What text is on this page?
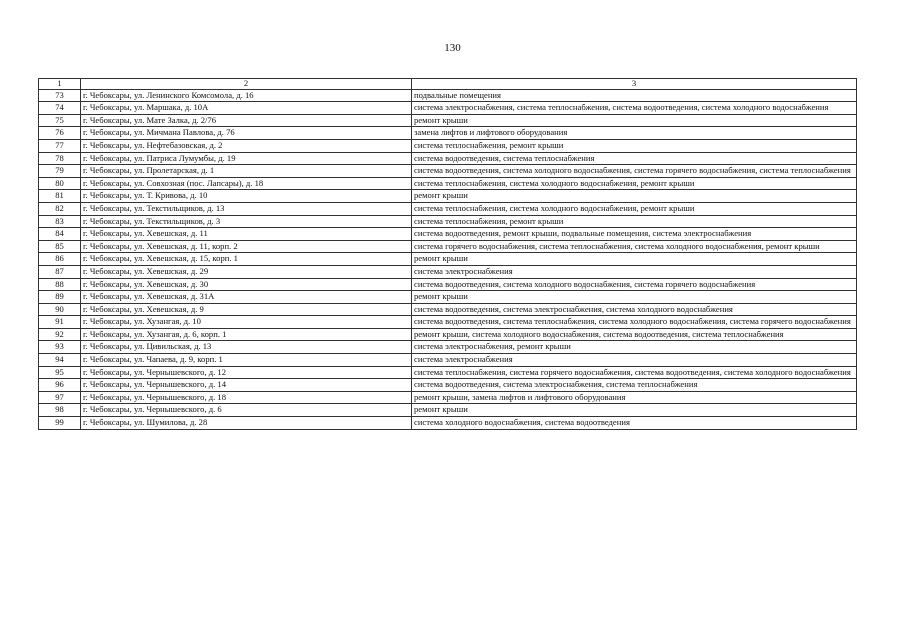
130
1	2	3
73	г. Чебоксары, ул. Ленинского Комсомола, д. 16	подвальные помещения
74	г. Чебоксары, ул. Маршака, д. 10А	система электроснабжения, система теплоснабжения, система водоотведения, система холодного водоснабжения
75	г. Чебоксары, ул. Мате Залка, д. 2/76	ремонт крыши
76	г. Чебоксары, ул. Мичмана Павлова, д. 76	замена лифтов и лифтового оборудования
77	г. Чебоксары, ул. Нефтебазовская, д. 2	система теплоснабжения, ремонт крыши
78	г. Чебоксары, ул. Патриса Лумумбы, д. 19	система водоотведения, система теплоснабжения
79	г. Чебоксары, ул. Пролетарская, д. 1	система водоотведения, система холодного водоснабжения, система горячего водоснабжения, система теплоснабжения
80	г. Чебоксары, ул. Совхозная (пос. Лапсары), д. 18	система теплоснабжения, система холодного водоснабжения, ремонт крыши
81	г. Чебоксары, ул. Т. Кривова, д. 10	ремонт крыши
82	г. Чебоксары, ул. Текстильщиков, д. 13	система теплоснабжения, система холодного водоснабжения, ремонт крыши
83	г. Чебоксары, ул. Текстильщиков, д. 3	система теплоснабжения, ремонт крыши
84	г. Чебоксары, ул. Хевешская, д. 11	система водоотведения, ремонт крыши, подвальные помещения, система электроснабжения
85	г. Чебоксары, ул. Хевешская, д. 11, корп. 2	система горячего водоснабжения, система теплоснабжения, система холодного водоснабжения, ремонт крыши
86	г. Чебоксары, ул. Хевешская, д. 15, корп. 1	ремонт крыши
87	г. Чебоксары, ул. Хевешская, д. 29	система электроснабжения
88	г. Чебоксары, ул. Хевешская, д. 30	система водоотведения, система холодного водоснабжения, система горячего водоснабжения
89	г. Чебоксары, ул. Хевешская, д. 31А	ремонт крыши
90	г. Чебоксары, ул. Хевешская, д. 9	система водоотведения, система электроснабжения, система холодного водоснабжения
91	г. Чебоксары, ул. Хузангая, д. 10	система водоотведения, система теплоснабжения, система холодного водоснабжения, система горячего водоснабжения
92	г. Чебоксары, ул. Хузангая, д. 6, корп. 1	ремонт крыши, система холодного водоснабжения, система водоотведения, система теплоснабжения
93	г. Чебоксары, ул. Цивильская, д. 13	система электроснабжения, ремонт крыши
94	г. Чебоксары, ул. Чапаева, д. 9, корп. 1	система электроснабжения
95	г. Чебоксары, ул. Чернышевского, д. 12	система теплоснабжения, система горячего водоснабжения, система водоотведения, система холодного водоснабжения
96	г. Чебоксары, ул. Чернышевского, д. 14	система водоотведения, система электроснабжения, система теплоснабжения
97	г. Чебоксары, ул. Чернышевского, д. 18	ремонт крыши, замена лифтов и лифтового оборудования
98	г. Чебоксары, ул. Чернышевского, д. 6	ремонт крыши
99	г. Чебоксары, ул. Шумилова, д. 28	система холодного водоснабжения, система водоотведения
